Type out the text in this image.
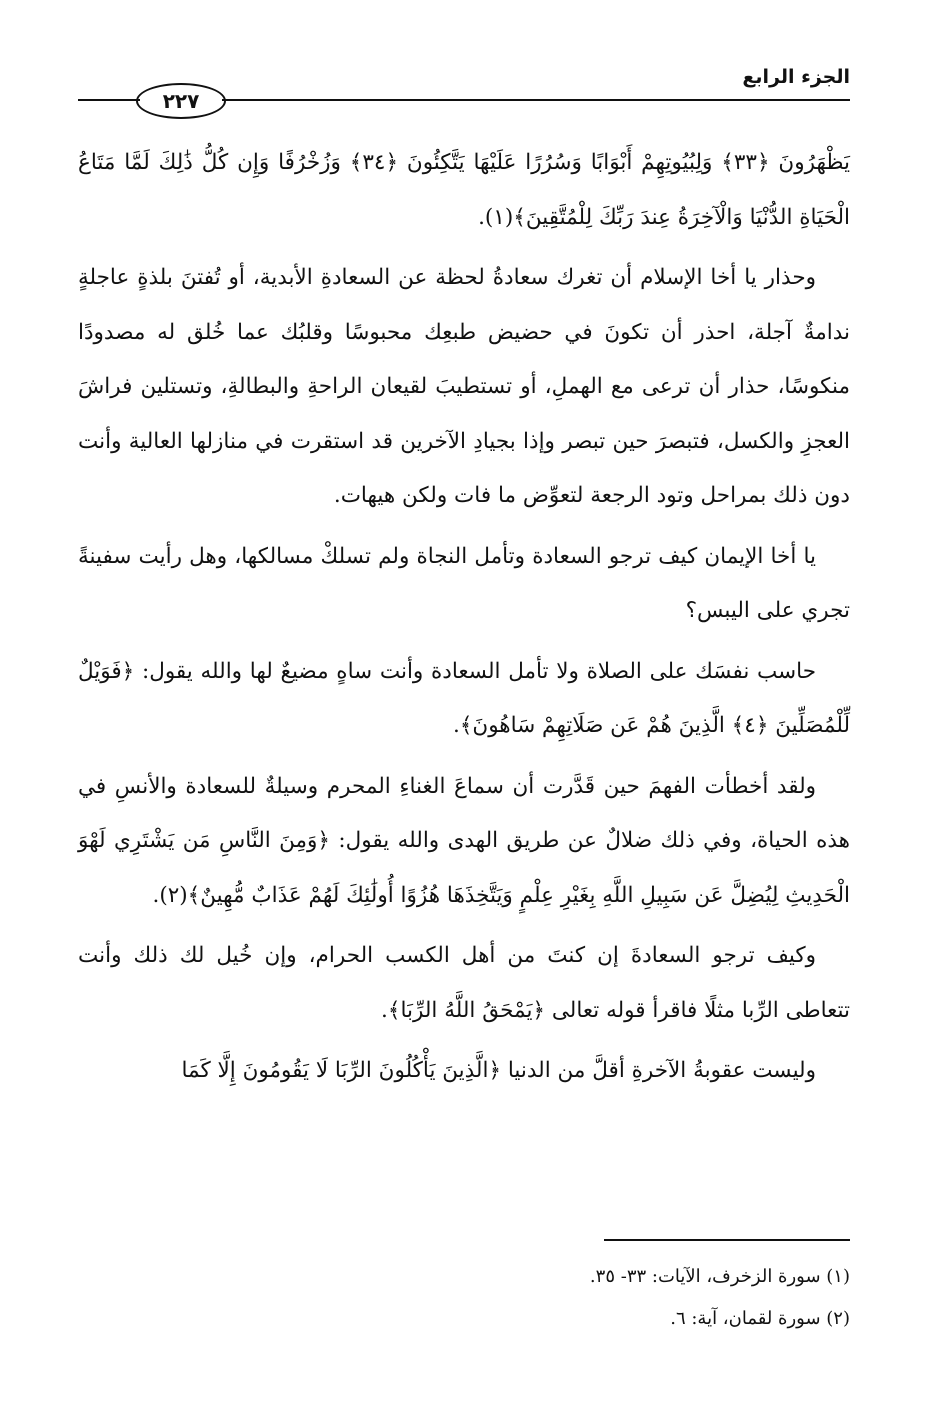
الجزء الرابع
٢٢٧

يَظْهَرُونَ ﴿٣٣﴾ وَلِبُيُوتِهِمْ أَبْوَابًا وَسُرُرًا عَلَيْهَا يَتَّكِئُونَ ﴿٣٤﴾ وَزُخْرُفًا وَإِن كُلُّ ذَٰلِكَ لَمَّا مَتَاعُ الْحَيَاةِ الدُّنْيَا وَالْآخِرَةُ عِندَ رَبِّكَ لِلْمُتَّقِينَ﴾(١).

وحذار يا أخا الإسلام أن تغرك سعادةُ لحظة عن السعادةِ الأبدية، أو تُفتنَ بلذةٍ عاجلةٍ ندامةٌ آجلة، احذر أن تكونَ في حضيض طبعِك محبوسًا وقلبُك عما خُلق له مصدودًا منكوسًا، حذار أن ترعى مع الهملِ، أو تستطيبَ لقيعان الراحةِ والبطالةِ، وتستلين فراشَ العجزِ والكسل، فتبصرَ حين تبصر وإذا بجيادِ الآخرين قد استقرت في منازلها العالية وأنت دون ذلك بمراحل وتود الرجعة لتعوِّض ما فات ولكن هيهات.

يا أخا الإيمان كيف ترجو السعادة وتأمل النجاة ولم تسلكْ مسالكها، وهل رأيت سفينةً تجري على اليبس؟

حاسب نفسَك على الصلاة ولا تأمل السعادة وأنت ساهٍ مضيعٌ لها والله يقول: ﴿فَوَيْلٌ لِّلْمُصَلِّينَ ﴿٤﴾ الَّذِينَ هُمْ عَن صَلَاتِهِمْ سَاهُونَ﴾.

ولقد أخطأت الفهمَ حين قَدَّرت أن سماعَ الغناءِ المحرم وسيلةٌ للسعادة والأنسِ في هذه الحياة، وفي ذلك ضلالٌ عن طريق الهدى والله يقول: ﴿وَمِنَ النَّاسِ مَن يَشْتَرِي لَهْوَ الْحَدِيثِ لِيُضِلَّ عَن سَبِيلِ اللَّهِ بِغَيْرِ عِلْمٍ وَيَتَّخِذَهَا هُزُوًا أُولَٰئِكَ لَهُمْ عَذَابٌ مُّهِينٌ﴾(٢).

وكيف ترجو السعادةَ إن كنتَ من أهل الكسب الحرام، وإن خُيل لك ذلك وأنت تتعاطى الرِّبا مثلًا فاقرأ قوله تعالى ﴿يَمْحَقُ اللَّهُ الرِّبَا﴾.

وليست عقوبةُ الآخرةِ أقلَّ من الدنيا ﴿الَّذِينَ يَأْكُلُونَ الرِّبَا لَا يَقُومُونَ إِلَّا كَمَا

(١) سورة الزخرف، الآيات: ٣٣- ٣٥.
(٢) سورة لقمان، آية: ٦.
